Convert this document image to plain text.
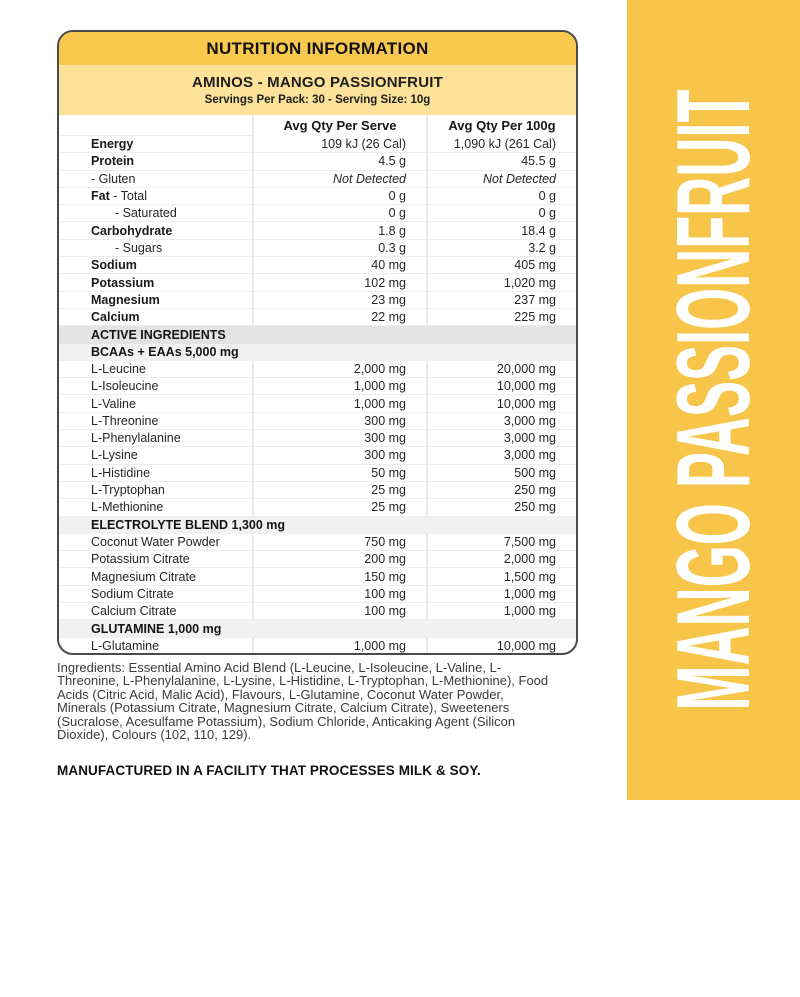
NUTRITION INFORMATION
AMINOS - MANGO PASSIONFRUIT
Servings Per Pack: 30 - Serving Size: 10g
Avg Qty Per Serve	Avg Qty Per 100g
Energy	109 kJ (26 Cal)	1,090 kJ (261 Cal)
Protein	4.5 g	45.5 g
- Gluten	Not Detected	Not Detected
Fat - Total	0 g	0 g
- Saturated	0 g	0 g
Carbohydrate	1.8 g	18.4 g
- Sugars	0.3 g	3.2 g
Sodium	40 mg	405 mg
Potassium	102 mg	1,020 mg
Magnesium	23 mg	237 mg
Calcium	22 mg	225 mg
ACTIVE INGREDIENTS
BCAAs + EAAs 5,000 mg
L-Leucine	2,000 mg	20,000 mg
L-Isoleucine	1,000 mg	10,000 mg
L-Valine	1,000 mg	10,000 mg
L-Threonine	300 mg	3,000 mg
L-Phenylalanine	300 mg	3,000 mg
L-Lysine	300 mg	3,000 mg
L-Histidine	50 mg	500 mg
L-Tryptophan	25 mg	250 mg
L-Methionine	25 mg	250 mg
ELECTROLYTE BLEND 1,300 mg
Coconut Water Powder	750 mg	7,500 mg
Potassium Citrate	200 mg	2,000 mg
Magnesium Citrate	150 mg	1,500 mg
Sodium Citrate	100 mg	1,000 mg
Calcium Citrate	100 mg	1,000 mg
GLUTAMINE 1,000 mg
L-Glutamine	1,000 mg	10,000 mg
Ingredients: Essential Amino Acid Blend (L-Leucine, L-Isoleucine, L-Valine, L-
Threonine, L-Phenylalanine, L-Lysine, L-Histidine, L-Tryptophan, L-Methionine), Food
Acids (Citric Acid, Malic Acid), Flavours, L-Glutamine, Coconut Water Powder,
Minerals (Potassium Citrate, Magnesium Citrate, Calcium Citrate), Sweeteners
(Sucralose, Acesulfame Potassium), Sodium Chloride, Anticaking Agent (Silicon
Dioxide), Colours (102, 110, 129).

MANUFACTURED IN A FACILITY THAT PROCESSES MILK & SOY.

MANGO PASSIONFRUIT
